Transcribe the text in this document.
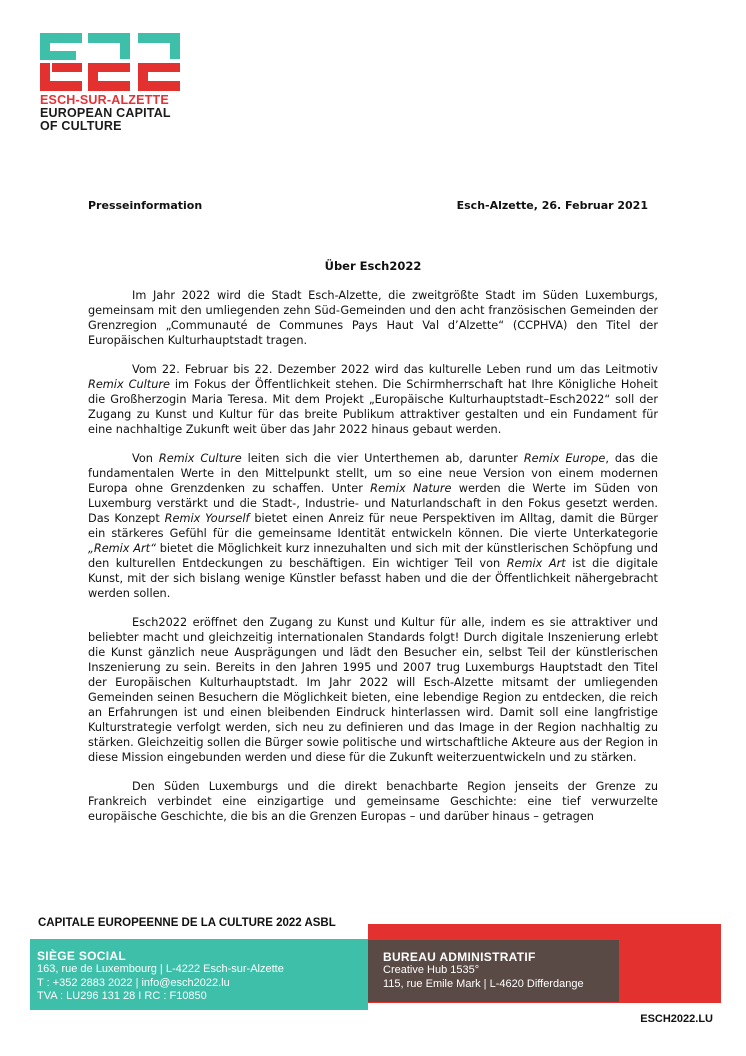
ESCH-SUR-ALZETTE
EUROPEAN CAPITAL
OF CULTURE
Presseinformation	Esch-Alzette, 26. Februar 2021
Über Esch2022

Im Jahr 2022 wird die Stadt Esch-Alzette, die zweitgrößte Stadt im Süden Luxemburgs, gemeinsam mit den umliegenden zehn Süd-Gemeinden und den acht französischen Gemeinden der Grenzregion „Communauté de Communes Pays Haut Val d’Alzette“ (CCPHVA) den Titel der Europäischen Kulturhauptstadt tragen.

Vom 22. Februar bis 22. Dezember 2022 wird das kulturelle Leben rund um das Leitmotiv Remix Culture im Fokus der Öffentlichkeit stehen. Die Schirmherrschaft hat Ihre Königliche Hoheit die Großherzogin Maria Teresa. Mit dem Projekt „Europäische Kulturhauptstadt–Esch2022“ soll der Zugang zu Kunst und Kultur für das breite Publikum attraktiver gestalten und ein Fundament für eine nachhaltige Zukunft weit über das Jahr 2022 hinaus gebaut werden.

Von Remix Culture leiten sich die vier Unterthemen ab, darunter Remix Europe, das die fundamentalen Werte in den Mittelpunkt stellt, um so eine neue Version von einem modernen Europa ohne Grenzdenken zu schaffen. Unter Remix Nature werden die Werte im Süden von Luxemburg verstärkt und die Stadt-, Industrie- und Naturlandschaft in den Fokus gesetzt werden. Das Konzept Remix Yourself bietet einen Anreiz für neue Perspektiven im Alltag, damit die Bürger ein stärkeres Gefühl für die gemeinsame Identität entwickeln können. Die vierte Unterkategorie „Remix Art“ bietet die Möglichkeit kurz innezuhalten und sich mit der künstlerischen Schöpfung und den kulturellen Entdeckungen zu beschäftigen. Ein wichtiger Teil von Remix Art ist die digitale Kunst, mit der sich bislang wenige Künstler befasst haben und die der Öffentlichkeit nähergebracht werden sollen.

Esch2022 eröffnet den Zugang zu Kunst und Kultur für alle, indem es sie attraktiver und beliebter macht und gleichzeitig internationalen Standards folgt! Durch digitale Inszenierung erlebt die Kunst gänzlich neue Ausprägungen und lädt den Besucher ein, selbst Teil der künstlerischen Inszenierung zu sein. Bereits in den Jahren 1995 und 2007 trug Luxemburgs Hauptstadt den Titel der Europäischen Kulturhauptstadt. Im Jahr 2022 will Esch-Alzette mitsamt der umliegenden Gemeinden seinen Besuchern die Möglichkeit bieten, eine lebendige Region zu entdecken, die reich an Erfahrungen ist und einen bleibenden Eindruck hinterlassen wird. Damit soll eine langfristige Kulturstrategie verfolgt werden, sich neu zu definieren und das Image in der Region nachhaltig zu stärken. Gleichzeitig sollen die Bürger sowie politische und wirtschaftliche Akteure aus der Region in diese Mission eingebunden werden und diese für die Zukunft weiterzuentwickeln und zu stärken.

Den Süden Luxemburgs und die direkt benachbarte Region jenseits der Grenze zu Frankreich verbindet eine einzigartige und gemeinsame Geschichte: eine tief verwurzelte europäische Geschichte, die bis an die Grenzen Europas – und darüber hinaus – getragen

CAPITALE EUROPEENNE DE LA CULTURE 2022 ASBL
SIÈGE SOCIAL
163, rue de Luxembourg | L-4222 Esch-sur-Alzette
T : +352 2883 2022 | info@esch2022.lu
TVA : LU296 131 28 I RC : F10850
BUREAU ADMINISTRATIF
Creative Hub 1535°
115, rue Emile Mark | L-4620 Differdange
ESCH2022.LU
